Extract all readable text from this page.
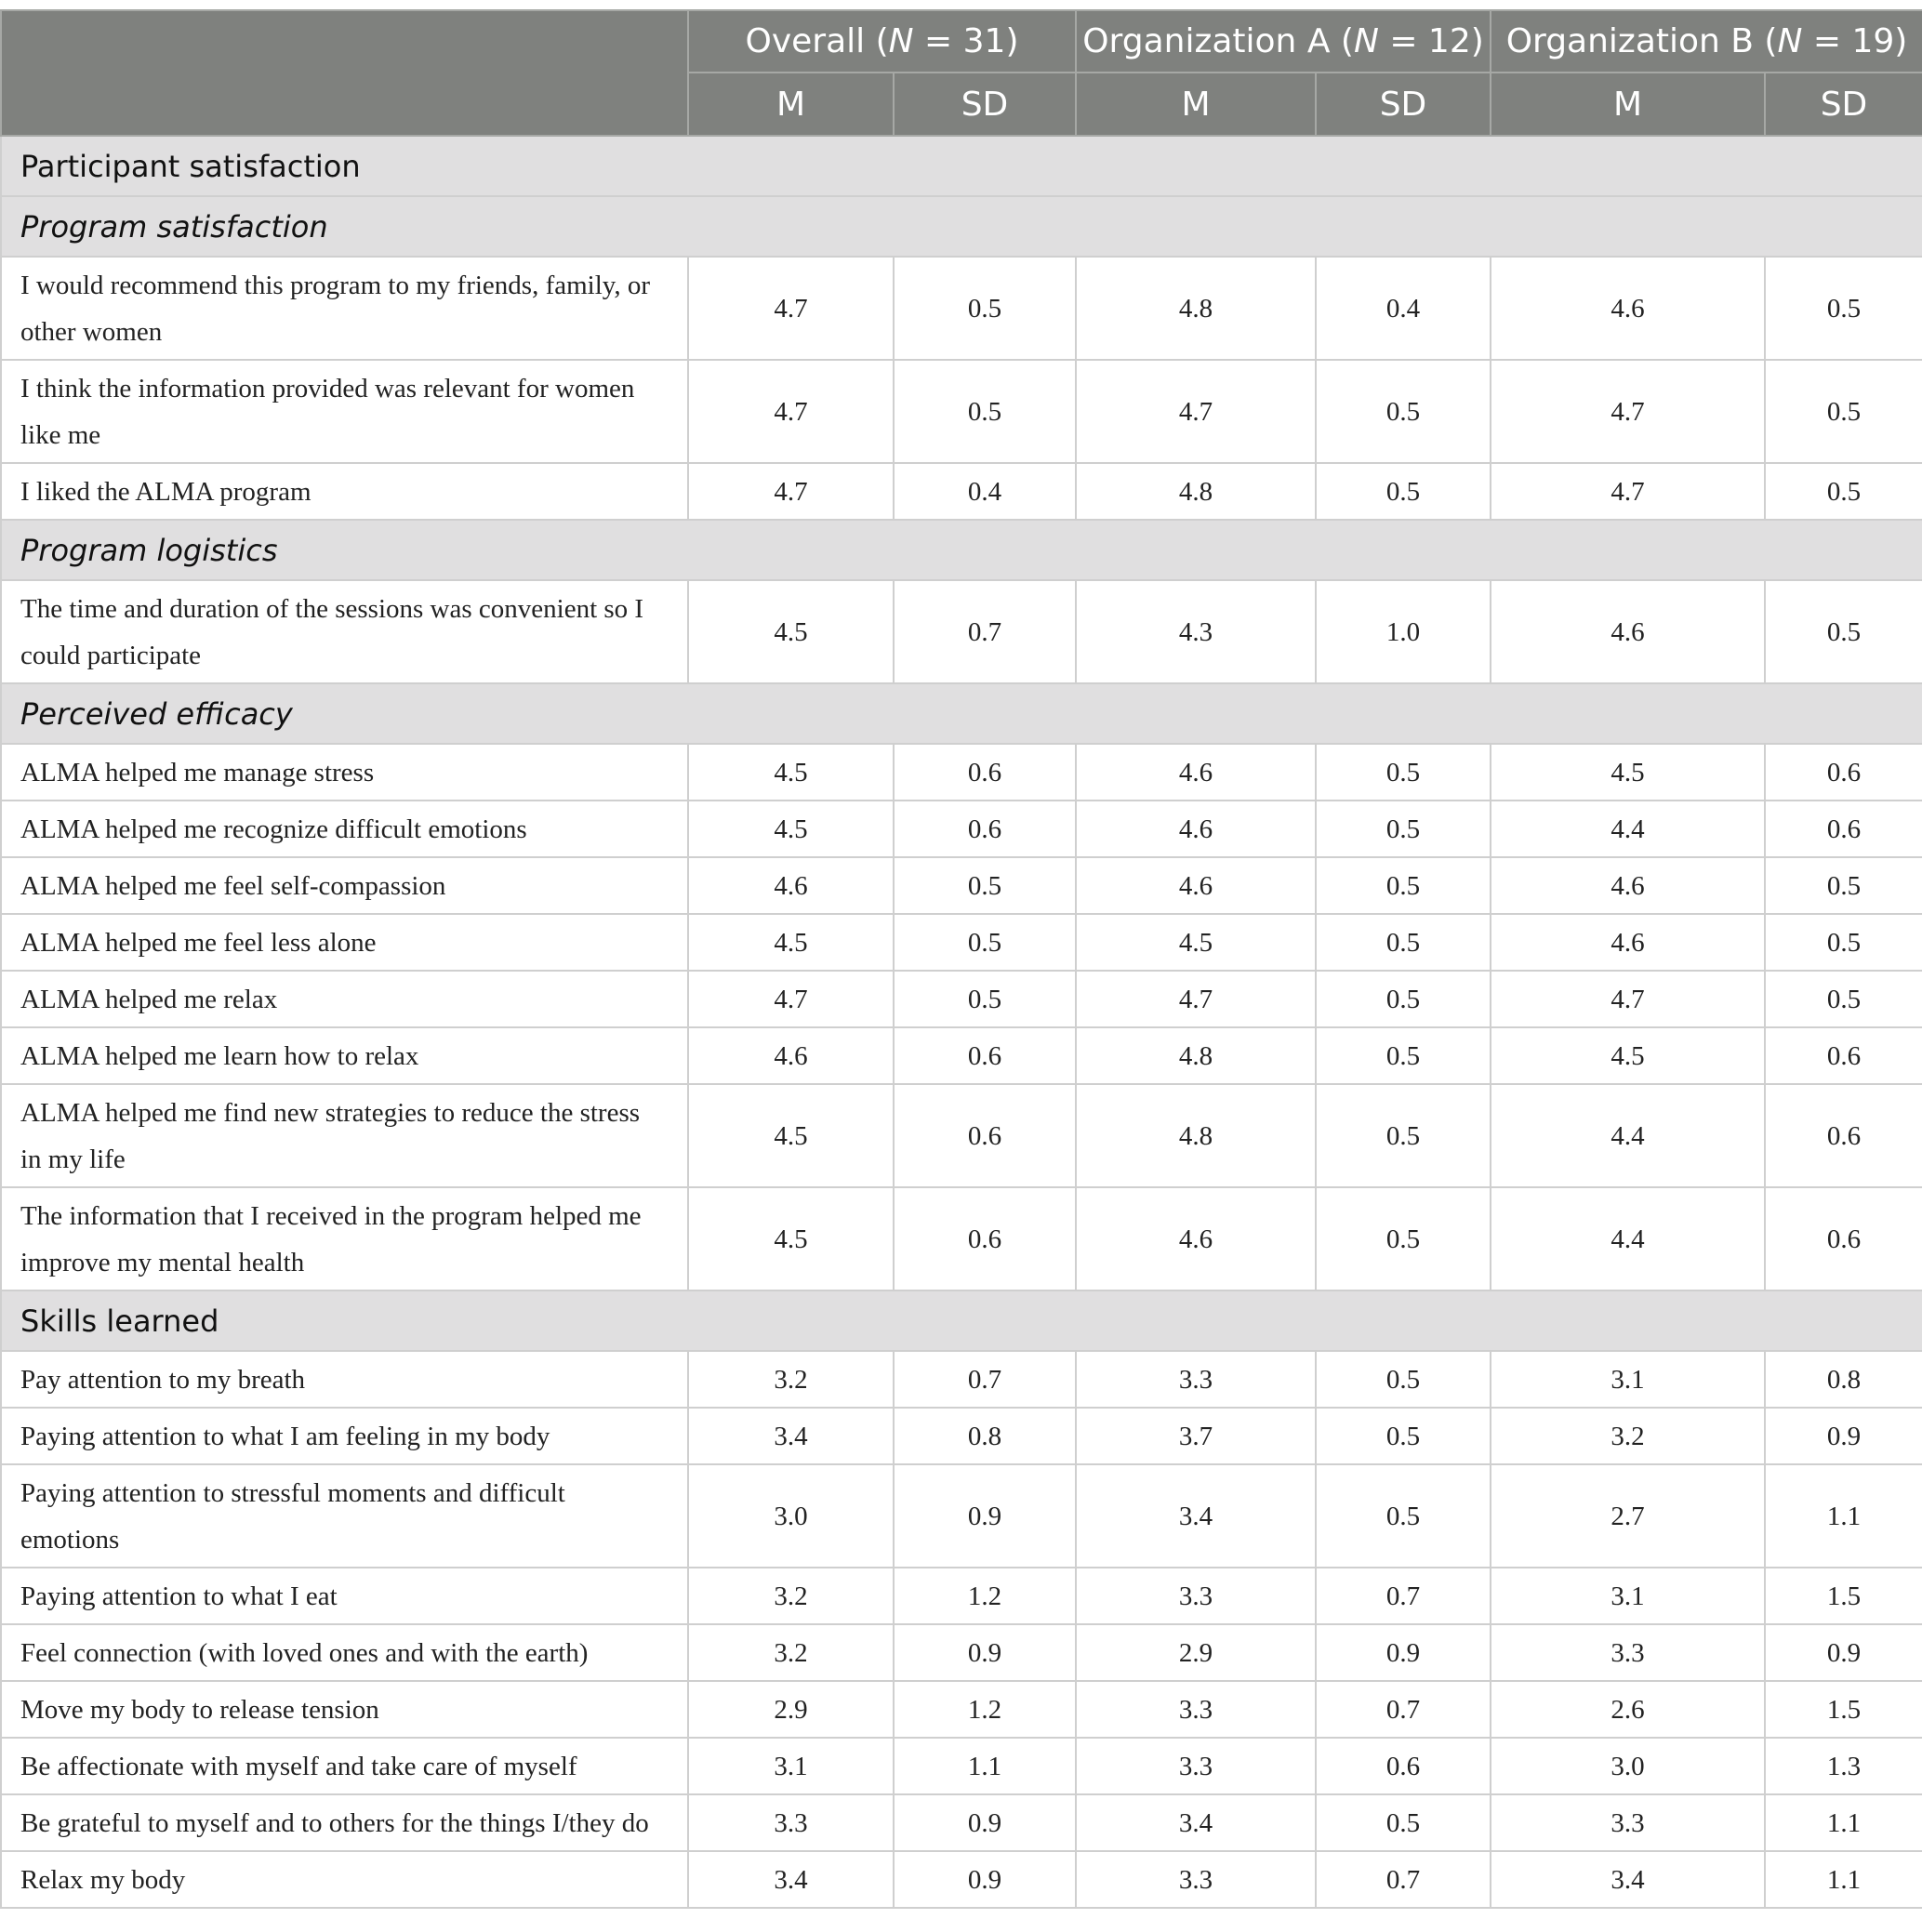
	Overall (N = 31)		Organization A (N = 12)		Organization B (N = 19)	
	M	SD	M	SD	M	SD
Participant satisfaction						
Program satisfaction						
I would recommend this program to my friends, family, or other women	4.7	0.5	4.8	0.4	4.6	0.5
I think the information provided was relevant for women like me	4.7	0.5	4.7	0.5	4.7	0.5
I liked the ALMA program	4.7	0.4	4.8	0.5	4.7	0.5
Program logistics						
The time and duration of the sessions was convenient so I could participate	4.5	0.7	4.3	1.0	4.6	0.5
Perceived efficacy						
ALMA helped me manage stress	4.5	0.6	4.6	0.5	4.5	0.6
ALMA helped me recognize difficult emotions	4.5	0.6	4.6	0.5	4.4	0.6
ALMA helped me feel self-compassion	4.6	0.5	4.6	0.5	4.6	0.5
ALMA helped me feel less alone	4.5	0.5	4.5	0.5	4.6	0.5
ALMA helped me relax	4.7	0.5	4.7	0.5	4.7	0.5
ALMA helped me learn how to relax	4.6	0.6	4.8	0.5	4.5	0.6
ALMA helped me find new strategies to reduce the stress in my life	4.5	0.6	4.8	0.5	4.4	0.6
The information that I received in the program helped me improve my mental health	4.5	0.6	4.6	0.5	4.4	0.6
Skills learned						
Pay attention to my breath	3.2	0.7	3.3	0.5	3.1	0.8
Paying attention to what I am feeling in my body	3.4	0.8	3.7	0.5	3.2	0.9
Paying attention to stressful moments and difficult emotions	3.0	0.9	3.4	0.5	2.7	1.1
Paying attention to what I eat	3.2	1.2	3.3	0.7	3.1	1.5
Feel connection (with loved ones and with the earth)	3.2	0.9	2.9	0.9	3.3	0.9
Move my body to release tension	2.9	1.2	3.3	0.7	2.6	1.5
Be affectionate with myself and take care of myself	3.1	1.1	3.3	0.6	3.0	1.3
Be grateful to myself and to others for the things I/they do	3.3	0.9	3.4	0.5	3.3	1.1
Relax my body	3.4	0.9	3.3	0.7	3.4	1.1
